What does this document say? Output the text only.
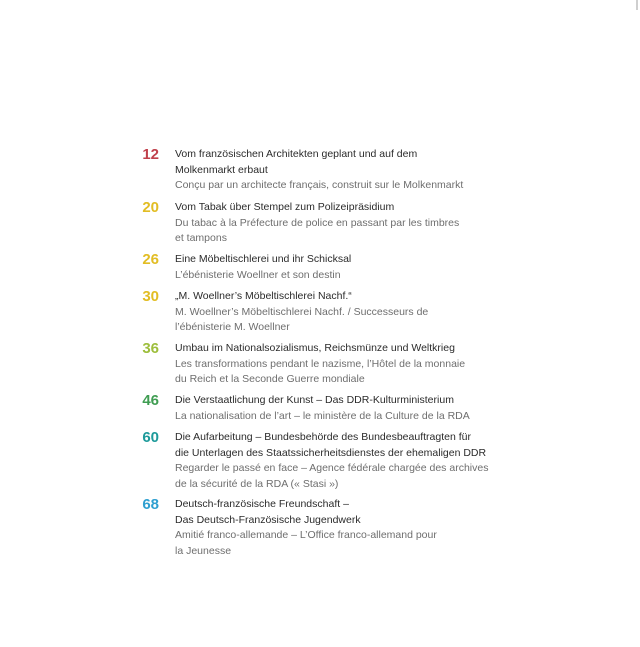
12 Vom französischen Architekten geplant und auf dem
Molkenmarkt erbaut
Conçu par un architecte français, construit sur le Molkenmarkt
20 Vom Tabak über Stempel zum Polizeipräsidium
Du tabac à la Préfecture de police en passant par les timbres
et tampons
26 Eine Möbeltischlerei und ihr Schicksal
L’ébénisterie Woellner et son destin
30 „M. Woellner’s Möbeltischlerei Nachf.“
M. Woellner’s Möbeltischlerei Nachf. / Successeurs de
l’ébénisterie M. Woellner
36 Umbau im Nationalsozialismus, Reichsmünze und Weltkrieg
Les transformations pendant le nazisme, l’Hôtel de la monnaie
du Reich et la Seconde Guerre mondiale
46 Die Verstaatlichung der Kunst – Das DDR-Kulturministerium
La nationalisation de l’art – le ministère de la Culture de la RDA
60 Die Aufarbeitung – Bundesbehörde des Bundesbeauftragten für
die Unterlagen des Staatssicherheitsdienstes der ehemaligen DDR
Regarder le passé en face – Agence fédérale chargée des archives
de la sécurité de la RDA (« Stasi »)
68 Deutsch-französische Freundschaft –
Das Deutsch-Französische Jugendwerk
Amitié franco-allemande – L’Office franco-allemand pour
la Jeunesse
